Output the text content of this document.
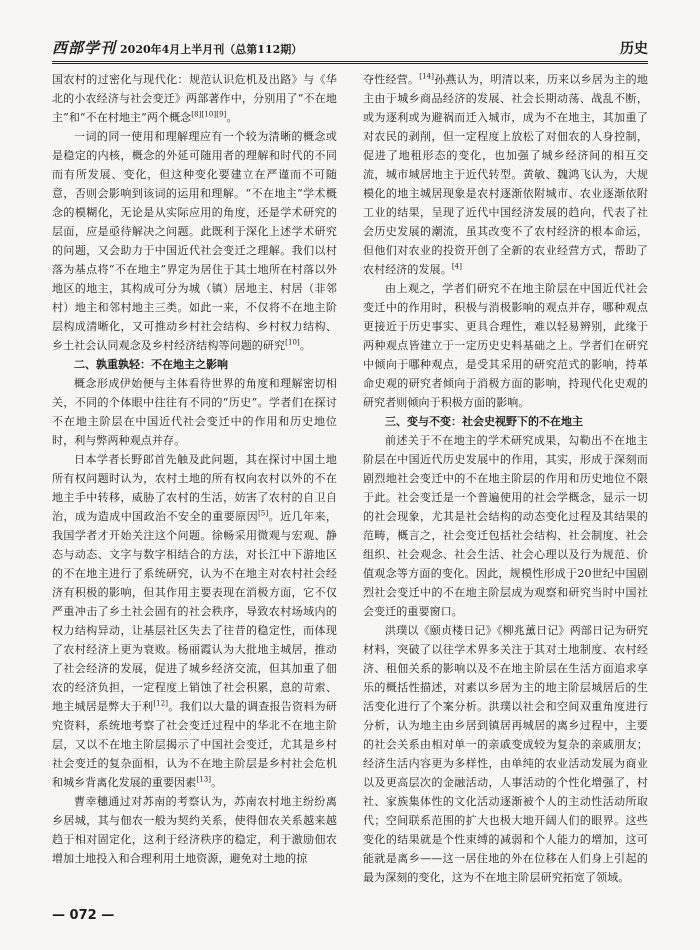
西部学刊 2020年4月上半月刊（总第112期）	历史

国农村的过密化与现代化：规范认识危机及出路》与《华北的小农经济与社会变迁》两部著作中，分别用了“不在地主”和“不在村地主”两个概念[8][10][9]。

一词的同一使用和理解理应有一个较为清晰的概念或是稳定的内核，概念的外延可随用者的理解和时代的不同而有所发展、变化，但这种变化要建立在严谨而不可随意，否则会影响到该词的运用和理解。“不在地主”学术概念的模糊化，无论是从实际应用的角度，还是学术研究的层面，应是亟待解决之问题。此既利于深化上述学术研究的问题，又会助力于中国近代社会变迁之理解。我们以村落为基点将“不在地主”界定为居住于其土地所在村落以外地区的地主，其构成可分为城（镇）居地主、村居（非邻村）地主和邻村地主三类。如此一来，不仅将不在地主阶层构成清晰化，又可推动乡村社会结构、乡村权力结构、乡土社会认同观念及乡村经济结构等问题的研究[10]。

二、孰重孰轻：不在地主之影响

概念形成伊始便与主体看待世界的角度和理解密切相关，不同的个体眼中往往有不同的“历史”。学者们在探讨不在地主阶层在中国近代社会变迁中的作用和历史地位时，利与弊两种观点并存。

日本学者长野郎首先触及此问题，其在探讨中国土地所有权问题时认为，农村土地的所有权向农村以外的不在地主手中转移，威胁了农村的生活，妨害了农村的自卫自治，成为造成中国政治不安全的重要原因[5]。近几年来，我国学者才开始关注这个问题。徐畅采用微观与宏观、静态与动态、文字与数字相结合的方法，对长江中下游地区的不在地主进行了系统研究，认为不在地主对农村社会经济有积极的影响，但其作用主要表现在消极方面，它不仅严重冲击了乡土社会固有的社会秩序，导致农村场域内的权力结构异动，让基层社区失去了往昔的稳定性，而体现了农村经济上更为衰败。杨丽霞认为大批地主城居，推动了社会经济的发展，促进了城乡经济交流，但其加重了佃农的经济负担，一定程度上销蚀了社会积累，息的苛索、地主城居是弊大于利[12]。我们以大量的调查报告资料为研究资料，系统地考察了社会变迁过程中的华北不在地主阶层，又以不在地主阶层揭示了中国社会变迁，尤其是乡村社会变迁的复杂面相，认为不在地主阶层是乡村社会危机和城乡背离化发展的重要因素[13]。

曹幸穗通过对苏南的考察认为，苏南农村地主纷纷离乡居城，其与佃农一般为契约关系，使得佃农关系越来越趋于相对固定化，这利于经济秩序的稳定，利于激励佃农增加土地投入和合理利用土地资源，避免对土地的掠

夺性经营。[14]孙燕认为，明清以来，历来以乡居为主的地主由于城乡商品经济的发展、社会长期动荡、战乱不断，或为逐利或为避祸而迁入城市，成为不在地主，其加重了对农民的剥削，但一定程度上放松了对佃农的人身控制，促进了地租形态的变化，也加强了城乡经济间的相互交流，城市城居地主于近代转型。黄敏、魏鸿飞认为，大规模化的地主城居现象是农村逐渐依附城市、农业逐渐依附工业的结果，呈现了近代中国经济发展的趋向，代表了社会历史发展的潮流，虽其改变不了农村经济的根本命运，但他们对农业的投资开创了全新的农业经营方式，帮助了农村经济的发展。[4]

由上观之，学者们研究不在地主阶层在中国近代社会变迁中的作用时，积极与消极影响的观点并存，哪种观点更接近于历史事实、更具合理性，难以轻易辨别，此缘于两种观点皆建立于一定历史史料基础之上。学者们在研究中倾向于哪种观点，是受其采用的研究范式的影响，持革命史观的研究者倾向于消极方面的影响，持现代化史观的研究者则倾向于积极方面的影响。

三、变与不变：社会史视野下的不在地主

前述关于不在地主的学术研究成果，勾勒出不在地主阶层在中国近代历史发展中的作用，其实，形成于深刻而剧烈地社会变迁中的不在地主阶层的作用和历史地位不限于此。社会变迁是一个普遍使用的社会学概念，显示一切的社会现象，尤其是社会结构的动态变化过程及其结果的范畴，概言之，社会变迁包括社会结构、社会制度、社会组织、社会观念、社会生活、社会心理以及行为规范、价值观念等方面的变化。因此，规模性形成于20世纪中国剧烈社会变迁中的不在地主阶层成为观察和研究当时中国社会变迁的重要窗口。

洪璞以《颐贞楼日记》《柳兆薰日记》两部日记为研究材料，突破了以往学术界多关注于其对土地制度、农村经济、租佃关系的影响以及不在地主阶层在生活方面追求享乐的概括性描述，对素以乡居为主的地主阶层城居后的生活变化进行了个案分析。洪璞以社会和空间双重角度进行分析，认为地主由乡居到镇居再城居的离乡过程中，主要的社会关系由相对单一的亲戚变成较为复杂的亲戚朋友；经济生活内容更为多样性，由单纯的农业活动发展为商业以及更高层次的金融活动，人事活动的个性化增强了，村社、家族集体性的文化活动逐渐被个人的主动性活动所取代；空间联系范围的扩大也极大地开阔人们的眼界。这些变化的结果就是个性束缚的减弱和个人能力的增加，这可能就是离乡——这一居住地的外在位移在人们身上引起的最为深刻的变化，这为不在地主阶层研究拓宽了领域。

— 072 —
